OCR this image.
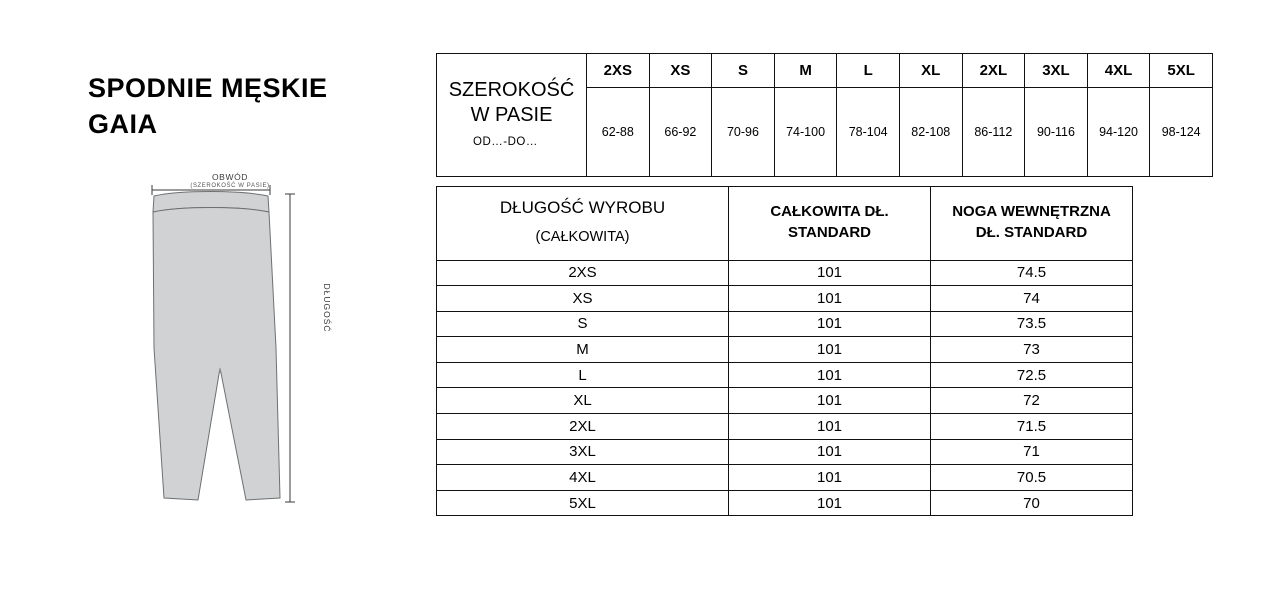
SPODNIE MĘSKIE
GAIA
OBWÓD
(SZEROKOŚĆ W PASIE)
DŁUGOŚĆ
SZEROKOŚĆ W PASIE
OD…-DO…	2XS	XS	S	M	L	XL	2XL	3XL	4XL	5XL
	62-88	66-92	70-96	74-100	78-104	82-108	86-112	90-116	94-120	98-124
DŁUGOŚĆ WYROBU
(CAŁKOWITA)	CAŁKOWITA DŁ. STANDARD	NOGA WEWNĘTRZNA DŁ. STANDARD
2XS	101	74.5
XS	101	74
S	101	73.5
M	101	73
L	101	72.5
XL	101	72
2XL	101	71.5
3XL	101	71
4XL	101	70.5
5XL	101	70
